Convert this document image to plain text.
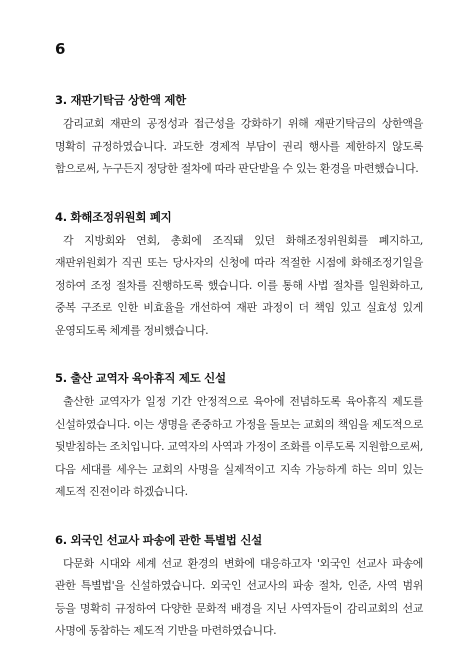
6
3. 재판기탁금 상한액 제한

감리교회 재판의 공정성과 접근성을 강화하기 위해 재판기탁금의 상한액을 명확히 규정하였습니다. 과도한 경제적 부담이 권리 행사를 제한하지 않도록 함으로써, 누구든지 정당한 절차에 따라 판단받을 수 있는 환경을 마련했습니다.

4. 화해조정위원회 폐지

각 지방회와 연회, 총회에 조직돼 있던 화해조정위원회를 폐지하고, 재판위원회가 직권 또는 당사자의 신청에 따라 적절한 시점에 화해조정기일을 정하여 조정 절차를 진행하도록 했습니다. 이를 통해 사법 절차를 일원화하고, 중복 구조로 인한 비효율을 개선하여 재판 과정이 더 책임 있고 실효성 있게 운영되도록 체계를 정비했습니다.

5. 출산 교역자 육아휴직 제도 신설

출산한 교역자가 일정 기간 안정적으로 육아에 전념하도록 육아휴직 제도를 신설하였습니다. 이는 생명을 존중하고 가정을 돌보는 교회의 책임을 제도적으로 뒷받침하는 조치입니다. 교역자의 사역과 가정이 조화를 이루도록 지원함으로써, 다음 세대를 세우는 교회의 사명을 실제적이고 지속 가능하게 하는 의미 있는 제도적 진전이라 하겠습니다.

6. 외국인 선교사 파송에 관한 특별법 신설

다문화 시대와 세계 선교 환경의 변화에 대응하고자 '외국인 선교사 파송에 관한 특별법'을 신설하였습니다. 외국인 선교사의 파송 절차, 인준, 사역 범위 등을 명확히 규정하여 다양한 문화적 배경을 지닌 사역자들이 감리교회의 선교 사명에 동참하는 제도적 기반을 마련하였습니다.
